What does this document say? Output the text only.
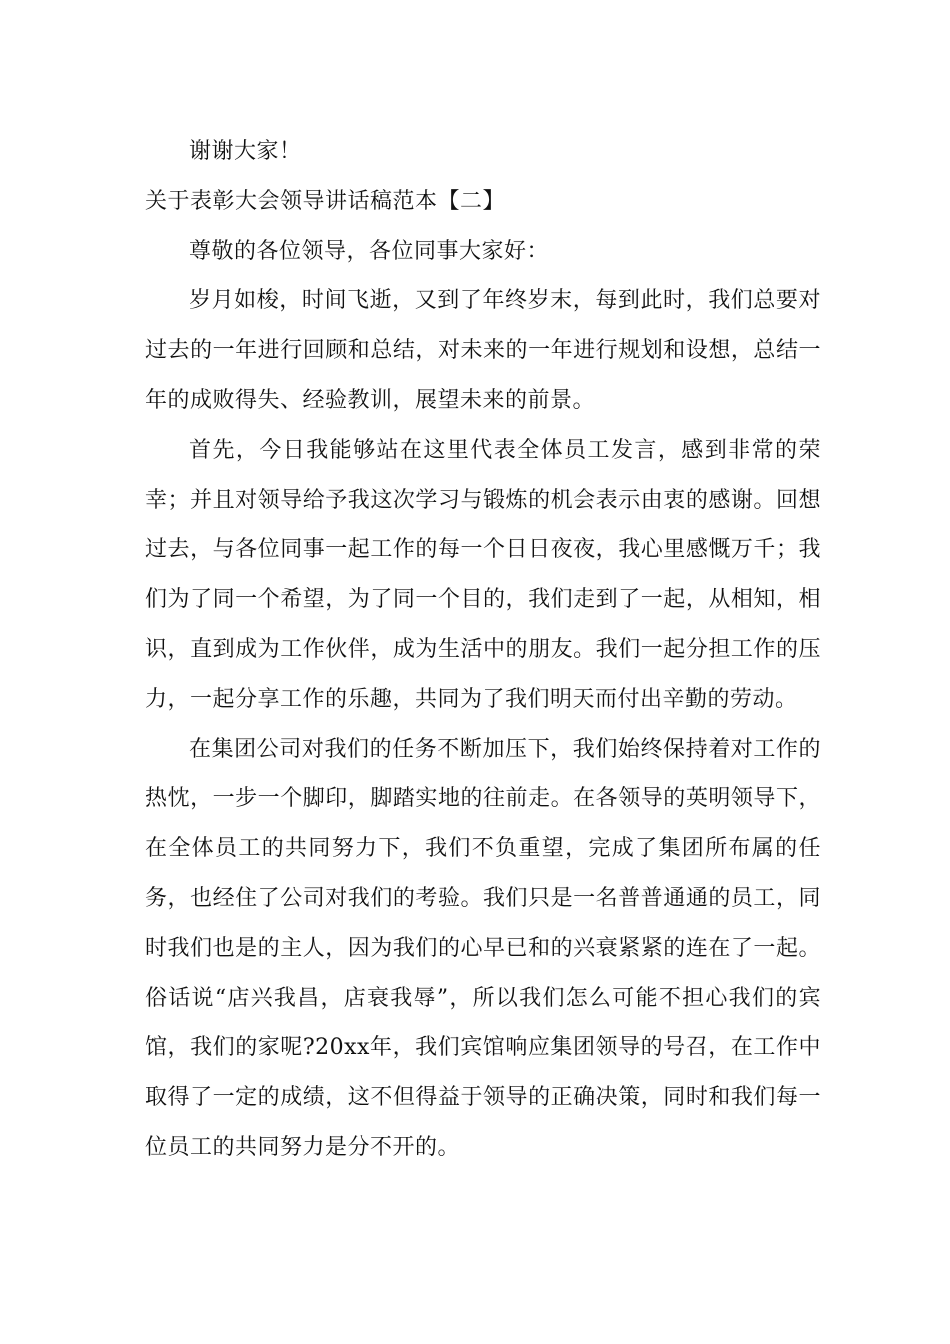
谢谢大家！

关于表彰大会领导讲话稿范本【二】

尊敬的各位领导，各位同事大家好：

岁月如梭，时间飞逝，又到了年终岁末，每到此时，我们总要对过去的一年进行回顾和总结，对未来的一年进行规划和设想，总结一年的成败得失、经验教训，展望未来的前景。

首先，今日我能够站在这里代表全体员工发言，感到非常的荣幸；并且对领导给予我这次学习与锻炼的机会表示由衷的感谢。回想过去，与各位同事一起工作的每一个日日夜夜，我心里感慨万千；我们为了同一个希望，为了同一个目的，我们走到了一起，从相知，相识，直到成为工作伙伴，成为生活中的朋友。我们一起分担工作的压力，一起分享工作的乐趣，共同为了我们明天而付出辛勤的劳动。

在集团公司对我们的任务不断加压下，我们始终保持着对工作的热忱，一步一个脚印，脚踏实地的往前走。在各领导的英明领导下，在全体员工的共同努力下，我们不负重望，完成了集团所布属的任务，也经住了公司对我们的考验。我们只是一名普普通通的员工，同时我们也是的主人，因为我们的心早已和的兴衰紧紧的连在了一起。俗话说“店兴我昌，店衰我辱”，所以我们怎么可能不担心我们的宾馆，我们的家呢?20xx年，我们宾馆响应集团领导的号召，在工作中取得了一定的成绩，这不但得益于领导的正确决策，同时和我们每一位员工的共同努力是分不开的。
